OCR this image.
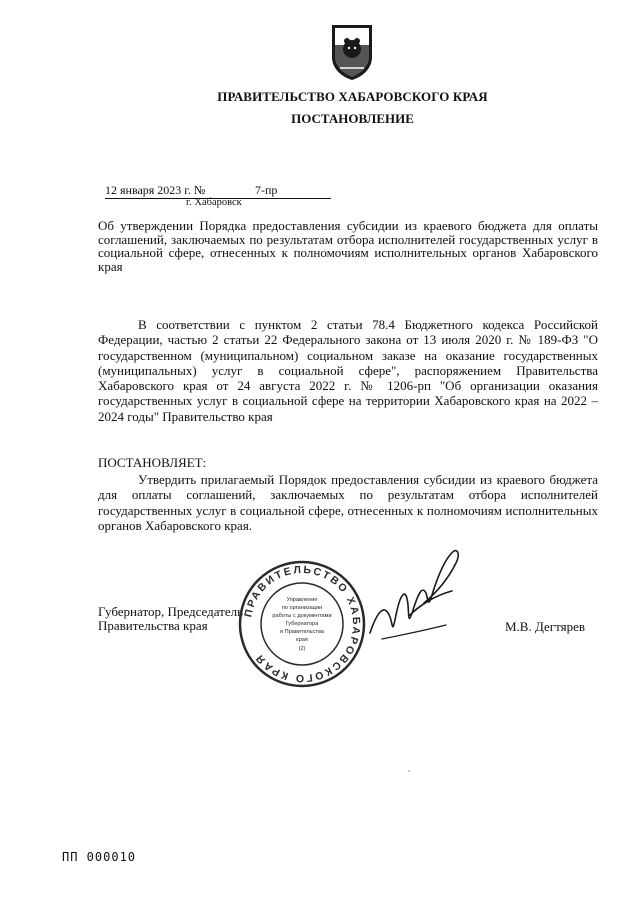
ПРАВИТЕЛЬСТВО ХАБАРОВСКОГО КРАЯ
ПОСТАНОВЛЕНИЕ
12 января 2023 г. №	7-пр
г. Хабаровск
Об утверждении Порядка предоставления субсидии из краевого бюджета для оплаты соглашений, заключаемых по результатам отбора исполнителей государственных услуг в социальной сфере, отнесенных к полномочиям исполнительных органов Хабаровского края
В соответствии с пунктом 2 статьи 78.4 Бюджетного кодекса Российской Федерации, частью 2 статьи 22 Федерального закона от 13 июля 2020 г. № 189-ФЗ "О государственном (муниципальном) социальном заказе на оказание государственных (муниципальных) услуг в социальной сфере", распоряжением Правительства Хабаровского края от 24 августа 2022 г. № 1206-рп "Об организации оказания государственных услуг в социальной сфере на территории Хабаровского края на 2022 – 2024 годы" Правительство края
ПОСТАНОВЛЯЕТ:
Утвердить прилагаемый Порядок предоставления субсидии из краевого бюджета для оплаты соглашений, заключаемых по результатам отбора исполнителей государственных услуг в социальной сфере, отнесенных к полномочиям исполнительных органов Хабаровского края.
Губернатор, Председатель
Правительства края
ПРАВИТЕЛЬСТВО ХАБАРОВСКОГО КРАЯ
Управление
по организации
работы с документами
Губернатора
и Правительства
края
(2)
М.В. Дегтярев
ПП 000010
